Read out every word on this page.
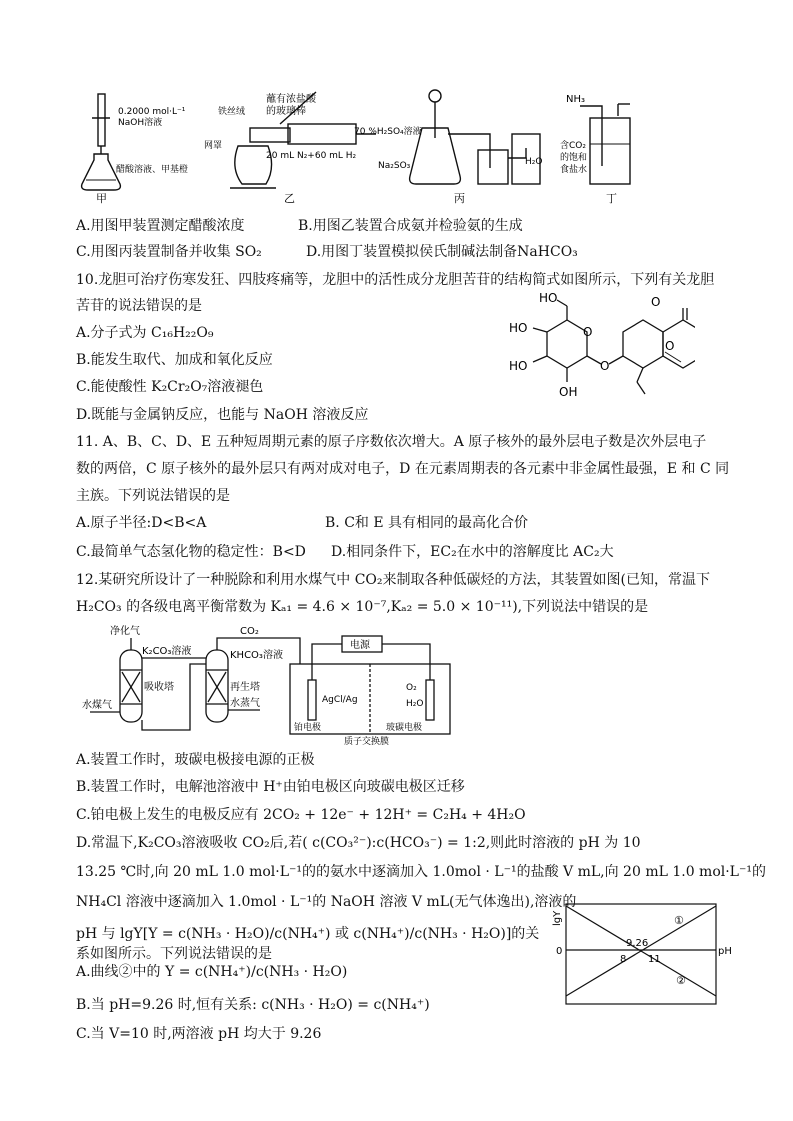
0.2000 mol·L⁻¹
NaOH溶液
醋酸溶液、甲基橙
蘸有浓盐酸
的玻璃棒
铁丝绒
网罩
20 mL N₂+60 mL H₂
70 %H₂SO₄溶液
Na₂SO₃	H₂O
NH₃
含CO₂
的饱和
食盐水
甲	乙	丙	丁
A.用图甲装置测定醋酸浓度	B.用图乙装置合成氨并检验氨的生成
C.用图丙装置制备并收集 SO₂	D.用图丁装置模拟侯氏制碱法制备NaHCO₃
10.龙胆可治疗伤寒发狂、四肢疼痛等，龙胆中的活性成分龙胆苦苷的结构简式如图所示，下列有关龙胆
苦苷的说法错误的是
A.分子式为 C₁₆H₂₂O₉
B.能发生取代、加成和氧化反应
C.能使酸性 K₂Cr₂O₇溶液褪色
D.既能与金属钠反应，也能与 NaOH 溶液反应
HO
HO	O
HO
OH
O
O
O
11. A、B、C、D、E 五种短周期元素的原子序数依次增大。A 原子核外的最外层电子数是次外层电子
数的两倍，C 原子核外的最外层只有两对成对电子，D 在元素周期表的各元素中非金属性最强，E 和 C 同
主族。下列说法错误的是
A.原子半径:D<B<A	B. C和 E 具有相同的最高化合价
C.最简单气态氢化物的稳定性：B<D D.相同条件下，EC₂在水中的溶解度比 AC₂大
12.某研究所设计了一种脱除和利用水煤气中 CO₂来制取各种低碳烃的方法，其装置如图(已知，常温下
H₂CO₃ 的各级电离平衡常数为 Kₐ₁ = 4.6 × 10⁻⁷,Kₐ₂ = 5.0 × 10⁻¹¹),下列说法中错误的是
净化气
K₂CO₃溶液
吸收塔
水煤气
CO₂
KHCO₃溶液
再生塔
水蒸气
电源
AgCl/Ag
O₂
H₂O
铂电极	玻碳电极
质子交换膜
A.装置工作时，玻碳电极接电源的正极
B.装置工作时，电解池溶液中 H⁺由铂电极区向玻碳电极区迁移
C.铂电极上发生的电极反应有 2CO₂ + 12e⁻ + 12H⁺ = C₂H₄ + 4H₂O
D.常温下,K₂CO₃溶液吸收 CO₂后,若( c(CO₃²⁻):c(HCO₃⁻) = 1:2,则此时溶液的 pH 为 10
13.25 ℃时,向 20 mL 1.0 mol·L⁻¹的的氨水中逐滴加入 1.0mol · L⁻¹的盐酸 V mL,向 20 mL 1.0 mol·L⁻¹的
NH₄Cl 溶液中逐滴加入 1.0mol · L⁻¹的 NaOH 溶液 V mL(无气体逸出),溶液的
pH 与 lgY[Y = c(NH₃ · H₂O)/c(NH₄⁺) 或 c(NH₄⁺)/c(NH₃ · H₂O)]的关系如图所示。下列说法错误的是
A.曲线②中的 Y = c(NH₄⁺)/c(NH₃ · H₂O)
B.当 pH=9.26 时,恒有关系: c(NH₃ · H₂O) = c(NH₄⁺)
C.当 V=10 时,两溶液 pH 均大于 9.26
lgY
0	pH
9.26
8 11
①
②
